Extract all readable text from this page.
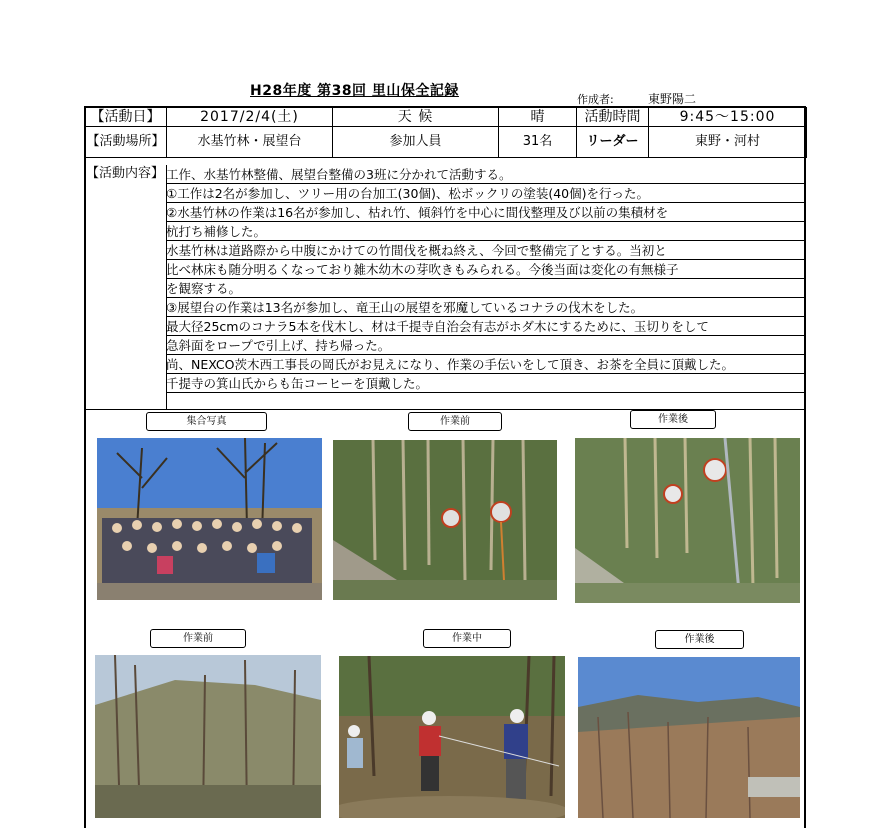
H28年度 第38回 里山保全記録
作成者:	東野陽二
【活動日】	2017/2/4(土)	天 候	晴	活動時間	9:45〜15:00
【活動場所】	水基竹林・展望台	参加人員	31名	リーダー	東野・河村
【活動内容】 工作、水基竹林整備、展望台整備の3班に分かれて活動する。
①工作は2名が参加し、ツリー用の台加工(30個)、松ボックリの塗装(40個)を行った。
②水基竹林の作業は16名が参加し、枯れ竹、傾斜竹を中心に間伐整理及び以前の集積材を
杭打ち補修した。
水基竹林は道路際から中腹にかけての竹間伐を概ね終え、今回で整備完了とする。当初と
比べ林床も随分明るくなっており雑木幼木の芽吹きもみられる。今後当面は変化の有無様子
を観察する。
③展望台の作業は13名が参加し、竜王山の展望を邪魔しているコナラの伐木をした。
最大径25cmのコナラ5本を伐木し、材は千提寺自治会有志がホダ木にするために、玉切りをして
急斜面をロープで引上げ、持ち帰った。
尚、NEXCO茨木西工事長の岡氏がお見えになり、作業の手伝いをして頂き、お茶を全員に頂戴した。
千提寺の箕山氏からも缶コーヒーを頂戴した。
集合写真	作業前	作業後
作業前	作業中	作業後
